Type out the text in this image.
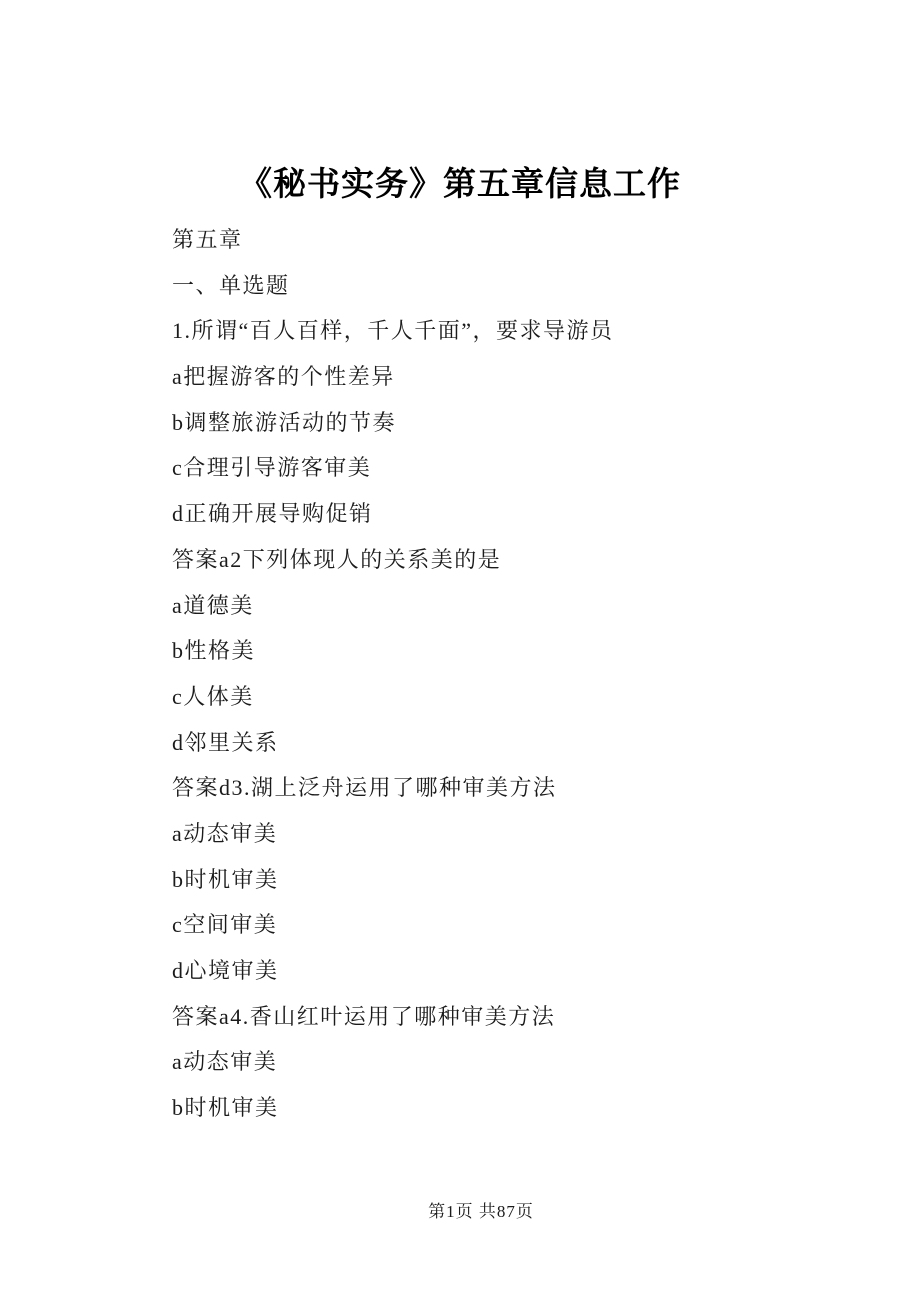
《秘书实务》第五章信息工作

第五章

一、单选题

1.所谓“百人百样，千人千面”，要求导游员

a把握游客的个性差异

b调整旅游活动的节奏

c合理引导游客审美

d正确开展导购促销

答案a2下列体现人的关系美的是

a道德美

b性格美

c人体美

d邻里关系

答案d3.湖上泛舟运用了哪种审美方法

a动态审美

b时机审美

c空间审美

d心境审美

答案a4.香山红叶运用了哪种审美方法

a动态审美

b时机审美

第1页 共87页
